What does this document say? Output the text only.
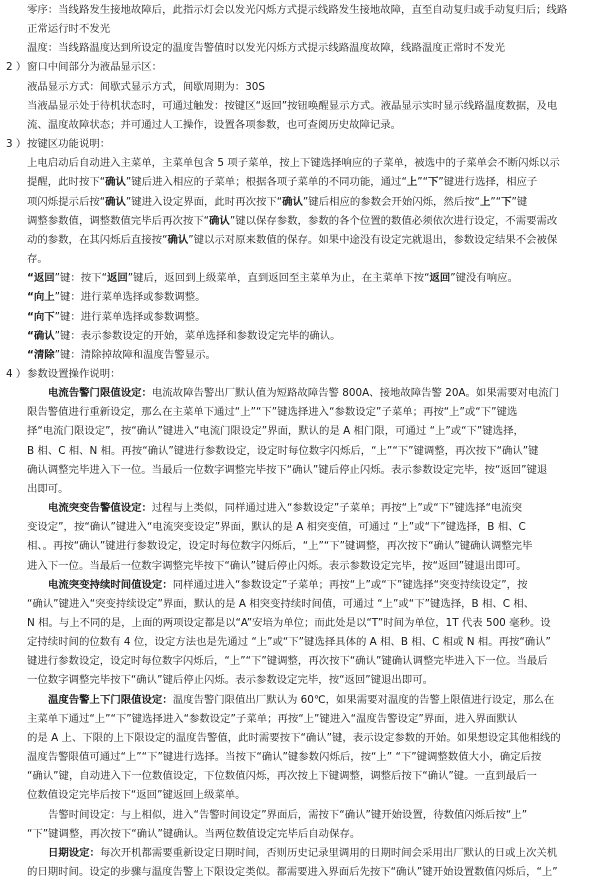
零序：当线路发生接地故障后，此指示灯会以发光闪烁方式提示线路发生接地故障，直至自动复归或手动复归后；线路
正常运行时不发光
温度：当线路温度达到所设定的温度告警值时以发光闪烁方式提示线路温度故障，线路温度正常时不发光
2 ）窗口中间部分为液晶显示区：
液晶显示方式：间歇式显示方式，间歇周期为：30S
当液晶显示处于待机状态时，可通过触发：按键区“返回”按钮唤醒显示方式。液晶显示实时显示线路温度数据，及电
流、温度故障状态；并可通过人工操作，设置各项参数，也可查阅历史故障记录。
3 ）按键区功能说明：
上电启动后自动进入主菜单，主菜单包含 5 项子菜单，按上下键选择响应的子菜单，被选中的子菜单会不断闪烁以示
提醒，此时按下“确认”键后进入相应的子菜单；根据各项子菜单的不同功能，通过“上”“下”键进行选择，相应子
项闪烁提示后按“确认”键进入设定界面，此时再次按下“确认”键后相应的参数会开始闪烁，然后按“上”“下”键
调整参数值，调整数值完毕后再次按下“确认”键以保存参数，参数的各个位置的数值必须依次进行设定，不需要需改
动的参数，在其闪烁后直接按“确认”键以示对原来数值的保存。如果中途没有设定完就退出，参数设定结果不会被保
存。
“返回”键：按下“返回”键后，返回到上级菜单，直到返回至主菜单为止，在主菜单下按“返回”键没有响应。
“向上”键：进行菜单选择或参数调整。
“向下”键：进行菜单选择或参数调整。
“确认”键：表示参数设定的开始，菜单选择和参数设定完毕的确认。
“清除”键：清除掉故障和温度告警显示。
4 ）参数设置操作说明：
电流告警门限值设定：电流故障告警出厂默认值为短路故障告警 800A、接地故障告警 20A。如果需要对电流门
限告警值进行重新设定，那么在主菜单下通过“上”“下”键选择进入“参数设定”子菜单；再按“上”或“下”键选
择“电流门限设定”，按“确认”键进入“电流门限设定”界面，默认的是 A 相门限，可通过 “上”或“下”键选择，
B 相、C 相、N 相。再按“确认”键进行参数设定，设定时每位数字闪烁后，“上”“下”键调整，再次按下“确认”键
确认调整完毕进入下一位。当最后一位数字调整完毕按下“确认”键后停止闪烁。表示参数设定完毕，按“返回”键退
出即可。
电流突变告警值设定：过程与上类似，同样通过进入“参数设定”子菜单；再按“上”或“下”键选择“电流突
变设定”，按“确认”键进入“电流突变设定”界面，默认的是 A 相突变值，可通过 “上”或“下”键选择，B 相、C
相、。再按“确认”键进行参数设定，设定时每位数字闪烁后，“上”“下”键调整，再次按下“确认”键确认调整完毕
进入下一位。当最后一位数字调整完毕按下“确认”键后停止闪烁。表示参数设定完毕，按“返回”键退出即可。
电流突变持续时间值设定：同样通过进入“参数设定”子菜单；再按“上”或“下”键选择“突变持续设定”，按
“确认”键进入“突变持续设定”界面，默认的是 A 相突变持续时间值，可通过 “上”或“下”键选择，B 相、C 相、
N 相。与上不同的是，上面的两项设定都是以“A”安培为单位；而此处是以“T”时间为单位，1T 代表 500 毫秒。设
定持续时间的位数有 4 位，设定方法也是先通过 “上”或“下”键选择具体的 A 相、B 相、C 相或 N 相。再按“确认”
键进行参数设定，设定时每位数字闪烁后，“上”“下”键调整，再次按下“确认”键确认调整完毕进入下一位。当最后
一位数字调整完毕按下“确认”键后停止闪烁。表示参数设定完毕，按“返回”键退出即可。
温度告警上下门限值设定：温度告警门限值出厂默认为 60℃，如果需要对温度的告警上限值进行设定，那么在
主菜单下通过“上”“下”键选择进入“参数设定”子菜单；再按“上”键进入“温度告警设定”界面，进入界面默认
的是 A 上、下限的上下限设定的温度告警值，此时需要按下“确认”键，表示设定参数的开始。如果想设定其他相线的
温度告警限值可通过“上”“下”键进行选择。当按下“确认”键参数闪烁后，按“上” “下”键调整数值大小，确定后按
“确认”键，自动进入下一位数值设定，下位数值闪烁，再次按上下键调整，调整后按下“确认”键。一直到最后一
位数值设定完毕后按下“返回”键返回上级菜单。
告警时间设定：与上相似，进入“告警时间设定”界面后，需按下“确认”键开始设置，待数值闪烁后按“上”
“下”键调整，再次按下“确认”键确认。当两位数值设定完毕后自动保存。
日期设定：每次开机都需要重新设定日期时间，否则历史记录里调用的日期时间会采用出厂默认的日或上次关机
的日期时间。设定的步骤与温度告警上下限设定类似。都需要进入界面后先按下“确认”键开始设置数值闪烁后，“上”
